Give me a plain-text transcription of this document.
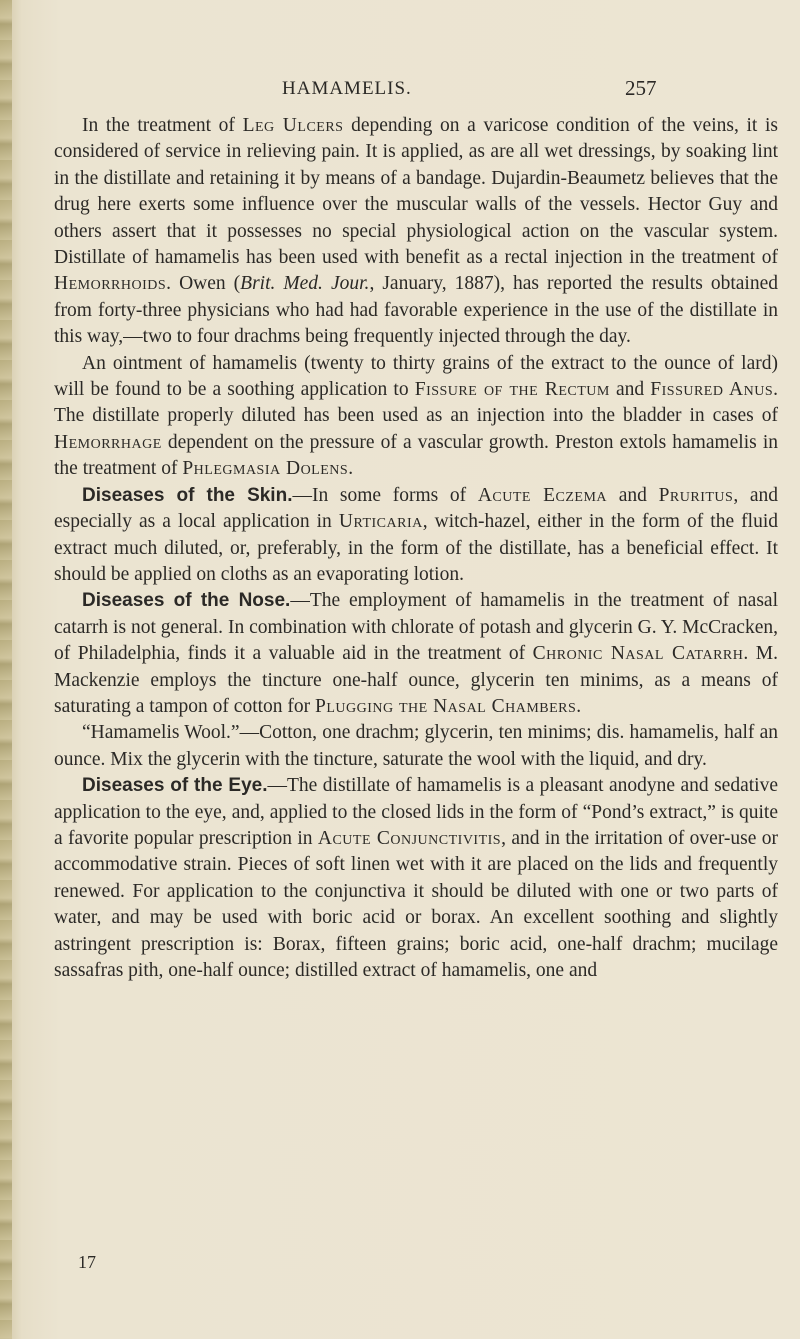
HAMAMELIS.	257

In the treatment of Leg Ulcers depending on a varicose condition of the veins, it is considered of service in relieving pain. It is applied, as are all wet dressings, by soaking lint in the distillate and retaining it by means of a bandage. Dujardin-Beaumetz believes that the drug here exerts some influence over the muscular walls of the vessels. Hector Guy and others assert that it possesses no special physiological action on the vascular system. Distillate of hamamelis has been used with benefit as a rectal injection in the treatment of Hemorrhoids. Owen (Brit. Med. Jour., January, 1887), has reported the results obtained from forty-three physicians who had had favorable experience in the use of the distillate in this way,—two to four drachms being frequently injected through the day.

An ointment of hamamelis (twenty to thirty grains of the extract to the ounce of lard) will be found to be a soothing application to Fissure of the Rectum and Fissured Anus. The distillate properly diluted has been used as an injection into the bladder in cases of Hemorrhage dependent on the pressure of a vascular growth. Preston extols hamamelis in the treatment of Phlegmasia Dolens.

Diseases of the Skin.—In some forms of Acute Eczema and Pruritus, and especially as a local application in Urticaria, witch-hazel, either in the form of the fluid extract much diluted, or, preferably, in the form of the distillate, has a beneficial effect. It should be applied on cloths as an evaporating lotion.

Diseases of the Nose.—The employment of hamamelis in the treatment of nasal catarrh is not general. In combination with chlorate of potash and glycerin G. Y. McCracken, of Philadelphia, finds it a valuable aid in the treatment of Chronic Nasal Catarrh. M. Mackenzie employs the tincture one-half ounce, glycerin ten minims, as a means of saturating a tampon of cotton for Plugging the Nasal Chambers.

“Hamamelis Wool.”—Cotton, one drachm; glycerin, ten minims; dis. hamamelis, half an ounce. Mix the glycerin with the tincture, saturate the wool with the liquid, and dry.

Diseases of the Eye.—The distillate of hamamelis is a pleasant anodyne and sedative application to the eye, and, applied to the closed lids in the form of “Pond’s extract,” is quite a favorite popular prescription in Acute Conjunctivitis, and in the irritation of over-use or accommodative strain. Pieces of soft linen wet with it are placed on the lids and frequently renewed. For application to the conjunctiva it should be diluted with one or two parts of water, and may be used with boric acid or borax. An excellent soothing and slightly astringent prescription is: Borax, fifteen grains; boric acid, one-half drachm; mucilage sassafras pith, one-half ounce; distilled extract of hamamelis, one and

17
